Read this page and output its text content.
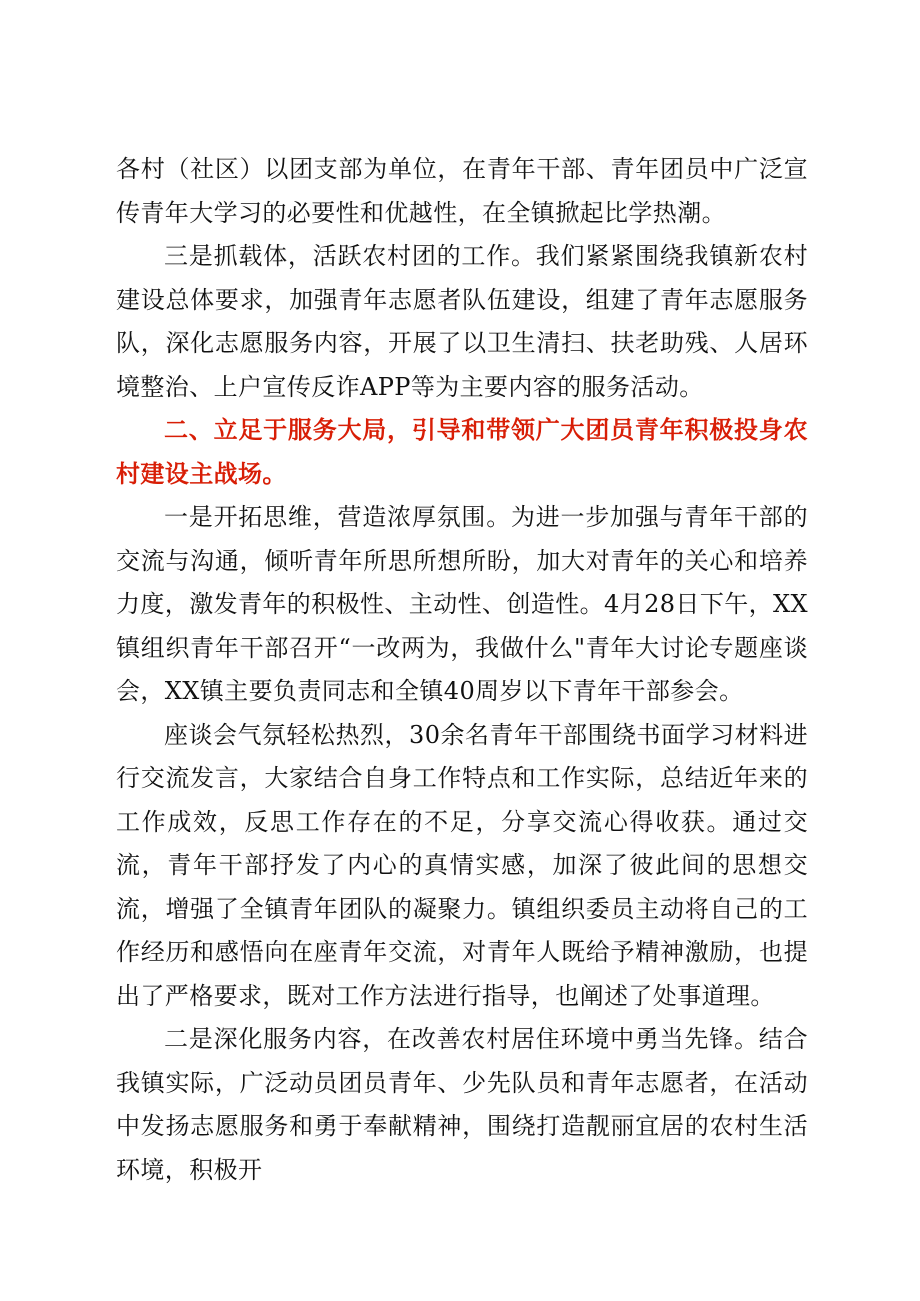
各村（社区）以团支部为单位，在青年干部、青年团员中广泛宣传青年大学习的必要性和优越性，在全镇掀起比学热潮。

三是抓载体，活跃农村团的工作。我们紧紧围绕我镇新农村建设总体要求，加强青年志愿者队伍建设，组建了青年志愿服务队，深化志愿服务内容，开展了以卫生清扫、扶老助残、人居环境整治、上户宣传反诈APP等为主要内容的服务活动。

二、立足于服务大局，引导和带领广大团员青年积极投身农村建设主战场。

一是开拓思维，营造浓厚氛围。为进一步加强与青年干部的交流与沟通，倾听青年所思所想所盼，加大对青年的关心和培养力度，激发青年的积极性、主动性、创造性。4月28日下午，XX镇组织青年干部召开“一改两为，我做什么"青年大讨论专题座谈会，XX镇主要负责同志和全镇40周岁以下青年干部参会。

座谈会气氛轻松热烈，30余名青年干部围绕书面学习材料进行交流发言，大家结合自身工作特点和工作实际，总结近年来的工作成效，反思工作存在的不足，分享交流心得收获。通过交流，青年干部抒发了内心的真情实感，加深了彼此间的思想交流，增强了全镇青年团队的凝聚力。镇组织委员主动将自己的工作经历和感悟向在座青年交流，对青年人既给予精神激励，也提出了严格要求，既对工作方法进行指导，也阐述了处事道理。

二是深化服务内容，在改善农村居住环境中勇当先锋。结合我镇实际，广泛动员团员青年、少先队员和青年志愿者，在活动中发扬志愿服务和勇于奉献精神，围绕打造靓丽宜居的农村生活环境，积极开
